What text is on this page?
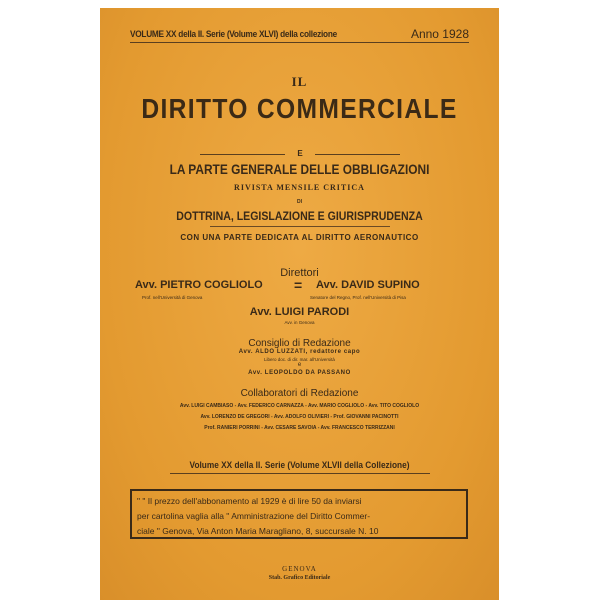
VOLUME XX della II. Serie (Volume XLVI) della collezione	Anno 1928
IL
DIRITTO COMMERCIALE
E
LA PARTE GENERALE DELLE OBBLIGAZIONI
RIVISTA MENSILE CRITICA
DI
DOTTRINA, LEGISLAZIONE E GIURISPRUDENZA
CON UNA PARTE DEDICATA AL DIRITTO AERONAUTICO
Direttori
Avv. PIETRO COGLIOLO = Avv. DAVID SUPINO
Prof. nell'Università di Genova	Senatore del Regno, Prof. nell'Università di Pisa
Avv. LUIGI PARODI
Avv. in Genova
Consiglio di Redazione
Avv. ALDO LUZZATI, redattore capo
Libero doc. di dir. mar. all'Università
e
Avv. LEOPOLDO DA PASSANO
Collaboratori di Redazione
Avv. LUIGI CAMBIASO - Avv. FEDERICO CARNAZZA - Avv. MARIO COGLIOLO - Avv. TITO COGLIOLO
Avv. LORENZO DE GREGORI - Avv. ADOLFO OLIVIERI - Prof. GIOVANNI PACINOTTI
Prof. RANIERI PORRINI - Avv. CESARE SAVOIA - Avv. FRANCESCO TERRIZZANI
Volume XX della II. Serie (Volume XLVII della Collezione)
" " Il prezzo dell'abbonamento al 1929 è di lire 50 da inviarsi
per cartolina vaglia alla " Amministrazione del Diritto Commer-
ciale " Genova, Via Anton Maria Maragliano, 8, succursale N. 10
GENOVA
Stab. Grafico Editoriale
